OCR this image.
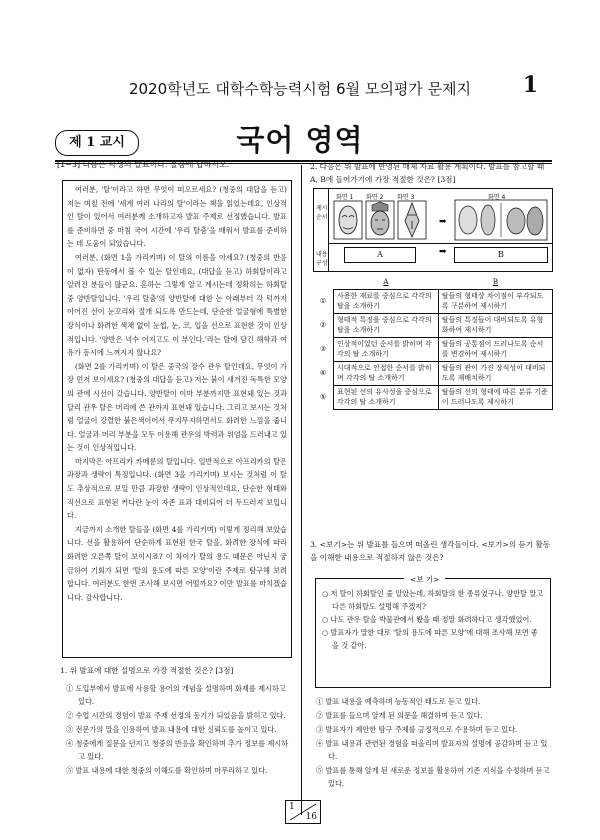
2020학년도 대학수학능력시험 6월 모의평가 문제지	1
제 1 교시	국어 영역
[1~3] 다음은 학생의 발표이다. 물음에 답하시오.

여러분, '탈'이라고 하면 무엇이 떠오르세요? (청중의 대답을 듣고) 저는 며칠 전에 '세계 여러 나라의 탈'이라는 책을 읽었는데요, 인상적인 탈이 있어서 여러분께 소개하고자 발표 주제로 선정했습니다. 발표를 준비하면 중 마침 국어 시간에 '우리 탈춤'을 배워서 발표를 준비하는 데 도움이 되었습니다.

여러분, (화면 1을 가리키며) 이 탈의 이름을 아세요? (청중의 반응이 없자) 탄동에서 볼 수 있는 탈인데요, (대답을 듣고) 하회탈이라고 알려진 분들이 많군요. 혼하는 그렇게 알고 계시는데 정확히는 하회탈 중 양반탈입니다. '우리 탈춤'의 양반탈에 대한 는 아래부터 각 턱까지 이어진 선이 눈꼬리와 절개 되도록 만드는데, 단순한 얼굴형에 특별한 장식이나 화려한 색채 없이 눈썹, 눈, 코, 입을 선으로 표현한 것이 인상적입니다. '양반은 넉수 어지고도 이 부인다.'라는 탈에 담긴 해학과 여유가 동시에 느껴지지 않나요?

(화면 2를 가리키며) 이 탈은 중국의 장수 관우 탈인데요, 무엇이 가장 먼저 보이세요? (청중의 대답을 듣고) 저는 붉이 새겨진 독특한 모양의 관에 시선이 갔습니다. 양반탈이 이마 부분까지만 표현돼 있는 것과 달리 관우 탈은 머리에 쓴 관까지 표현돼 있습니다. 그리고 보시는 것처럼 얼굴이 강렬한 붉은색이어서 무지무지하면서도 화려한 느낌을 줍니다. 얼굴과 머리 부분을 모두 이용해 관우의 박력과 위엄을 드러내고 있는 것이 인상적입니다.

마지막은 아프리카 카메룬의 탈입니다. 일반적으로 아프리카의 탈은 과장과 생략이 특징입니다. (화면 3을 가리키며) 보시는 것처럼 이 탈도 추상적으로 보일 만큼 과장한 생략이 인상적인데요, 단순한 형태와 직선으로 표현된 커다란 눈이 자존 표과 대비되어 더 두드러져 보입니다.

지금까지 소개한 탈들을 (화면 4를 가리키며) 이렇게 정리해 보았습니다. 선을 활용하여 단순하게 표현된 한국 탈을, 화려한 장식에 따라 화려한 오른쪽 탈이 보이시죠? 이 차이가 탈의 용도 때문은 아닌지 궁금하여 기회가 되면 '탈의 용도에 따른 모양'이란 주제로 탐구해 보려 합니다. 여러분도 한번 조사해 보시면 어떨까요? 이만 발표를 마치겠습니다. 감사합니다.

1. 위 발표에 대한 설명으로 가장 적절한 것은? [3점]
① 도입부에서 발표에 사용할 용어의 개념을 설명하며 화제를 제시하고 있다.
② 수업 시간의 경험이 발표 주제 선정의 동기가 되었음을 밝히고 있다.
③ 전문가의 말을 인용하여 발표 내용에 대한 신뢰도를 높이고 있다.
④ 청중에게 질문을 던지고 청중의 반응을 확인하며 추가 정보를 제시하고 있다.
⑤ 발표 내용에 대한 청중의 이해도를 확인하며 마무리하고 있다.
2. 다음은 위 발표에 반영된 매체 자료 활용 계획이다. 발표를 참고할 때 A, B에 들어가기에 가장 적절한 것은? [3점]
제시 순서
내용 구성
화면 1 화면 2 화면 3	화면 4
➡
A	➡	B
	A	B
①	사용한 재료를 중심으로 각각의 탈을 소개하기	탈들의 형태상 차이점이 부각되도록 구분하여 제시하기
②	형태적 특징을 중심으로 각각의 탈을 소개하기	탈들의 특징들이 대비되도록 유형화하여 제시하기
③	인상적이었던 순서를 밝히며 각각의 탈 소개하기	탈들의 공통점이 드러나도록 순서를 변경하여 제시하기
④	시대적으로 인접한 순서를 밝히며 각각의 탈 소개하기	탈들의 관이 가진 장식성이 대비되도록 재배치하기
⑤	표현된 선의 유사성을 중심으로 각각의 탈 소개하기	탈들의 선의 형태에 따른 분류 기준이 드러나도록 제시하기
3. <보기>는 위 발표를 들으며 떠올린 생각들이다. <보기>의 듣기 활동을 이해한 내용으로 적절하지 않은 것은?
<보 기>
○ 저 탈이 하회탈인 줄 알았는데, 하회탈의 한 종류였구나. 양반탈 말고 다른 하회탈도 설명해 주겠지?
○ 나도 관우 탈을 박물관에서 봤을 때 정말 화려하다고 생각했었어.
○ 발표자가 말한 대로 '탈의 용도에 따른 모양'에 대해 조사해 보면 좋을 것 같아.
① 발표 내용을 예측하며 능동적인 태도로 듣고 있다.
② 발표를 들으며 알게 된 의문을 해결하며 듣고 있다.
③ 발표자가 제안한 탐구 주제를 긍정적으로 수용하며 듣고 있다.
④ 발표 내용과 관련된 경험을 떠올리며 발표자의 설명에 공감하며 듣고 있다.
⑤ 발표를 통해 알게 된 새로운 정보를 활용하여 기존 지식을 수정하며 듣고 있다.
1
16
